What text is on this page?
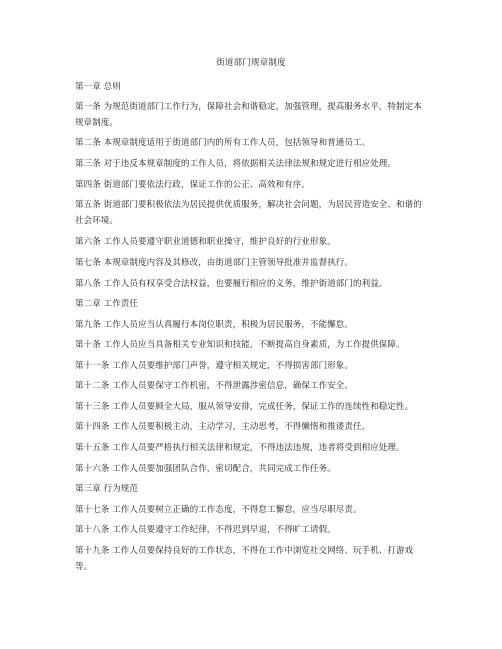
街道部门规章制度
第一章 总则
第一条 为规范街道部门工作行为，保障社会和谐稳定，加强管理，提高服务水平，特制定本规章制度。
第二条 本规章制度适用于街道部门内的所有工作人员，包括领导和普通员工。
第三条 对于违反本规章制度的工作人员，将依据相关法律法规和规定进行相应处理。
第四条 街道部门要依法行政，保证工作的公正、高效和有序。
第五条 街道部门要积极依法为居民提供优质服务，解决社会问题，为居民营造安全、和谐的社会环境。
第六条 工作人员要遵守职业道德和职业操守，维护良好的行业形象。
第七条 本规章制度内容及其修改，由街道部门主管领导批准并监督执行。
第八条 工作人员有权享受合法权益，也要履行相应的义务，维护街道部门的利益。
第二章 工作责任
第九条 工作人员应当认真履行本岗位职责，积极为居民服务，不能懈怠。
第十条 工作人员应当具备相关专业知识和技能，不断提高自身素质，为工作提供保障。
第十一条 工作人员要维护部门声誉，遵守相关规定，不得损害部门形象。
第十二条 工作人员要保守工作机密，不得泄露涉密信息，确保工作安全。
第十三条 工作人员要顾全大局，服从领导安排，完成任务，保证工作的连续性和稳定性。
第十四条 工作人员要积极主动，主动学习，主动思考，不得懒惰和推诿责任。
第十五条 工作人员要严格执行相关法律和规定，不得违法违规，违者将受到相应处理。
第十六条 工作人员要加强团队合作，密切配合，共同完成工作任务。
第三章 行为规范
第十七条 工作人员要树立正确的工作态度，不得怠工懈怠，应当尽职尽责。
第十八条 工作人员要遵守工作纪律，不得迟到早退，不得旷工请假。
第十九条 工作人员要保持良好的工作状态，不得在工作中浏览社交网络、玩手机、打游戏等。
